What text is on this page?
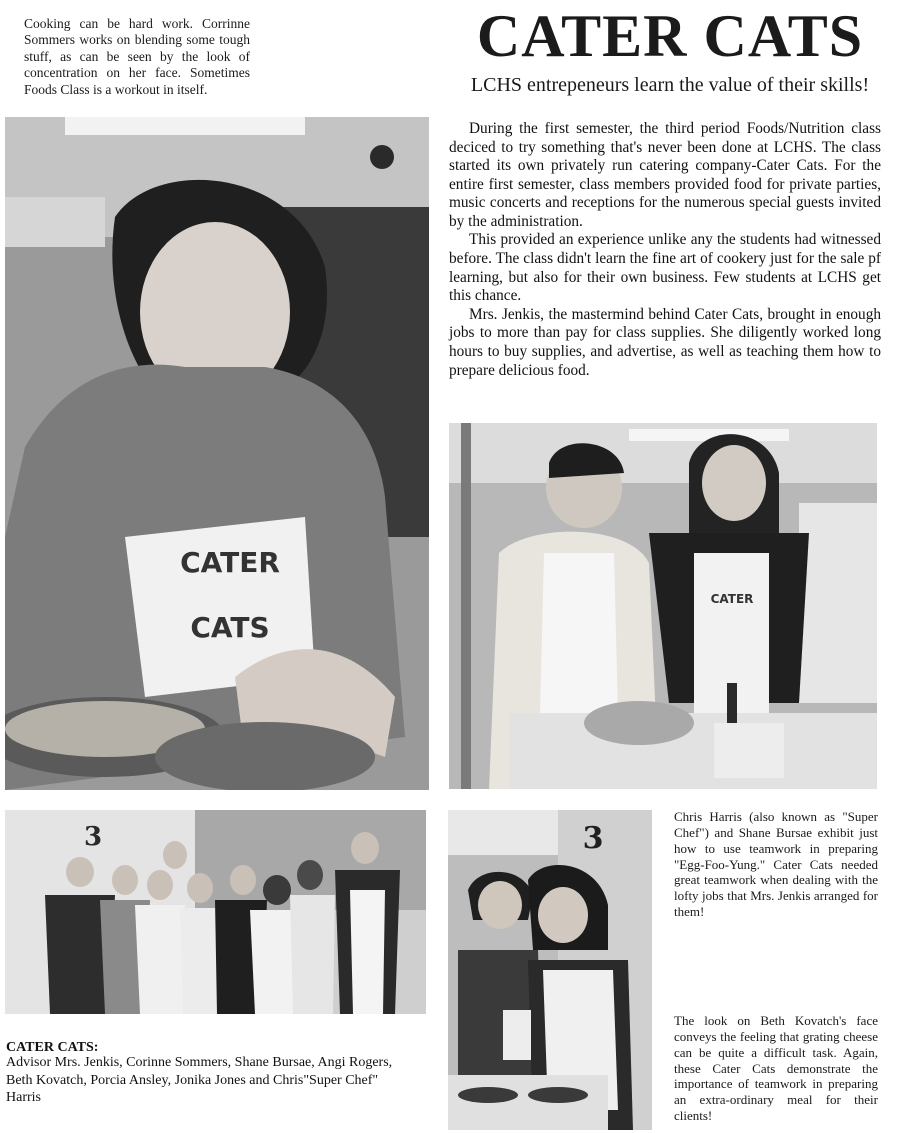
CATER CATS
LCHS entrepeneurs learn the value of their skills!
Cooking can be hard work. Corrinne Sommers works on blending some tough stuff, as can be seen by the look of concentration on her face. Sometimes Foods Class is a workout in itself.

During the first semester, the third period Foods/Nutrition class deciced to try something that's never been done at LCHS. The class started its own privately run catering company-Cater Cats. For the entire first semester, class members provided food for private parties, music concerts and receptions for the numerous special guests invited by the administration.

This provided an experience unlike any the students had witnessed before. The class didn't learn the fine art of cookery just for the sale pf learning, but also for their own business. Few students at LCHS get this chance.

Mrs. Jenkis, the mastermind behind Cater Cats, brought in enough jobs to more than pay for class supplies. She diligently worked long hours to buy supplies, and advertise, as well as teaching them how to prepare delicious food.

CATER
CATS
CATER
3	3
Chris Harris (also known as "Super Chef") and Shane Bursae exhibit just how to use teamwork in preparing "Egg-Foo-Yung." Cater Cats needed great teamwork when dealing with the lofty jobs that Mrs. Jenkis arranged for them!
The look on Beth Kovatch's face conveys the feeling that grating cheese can be quite a difficult task. Again, these Cater Cats demonstrate the importance of teamwork in preparing an extra-ordinary meal for their clients!
CATER CATS:
Advisor Mrs. Jenkis, Corinne Sommers, Shane Bursae, Angi Rogers, Beth Kovatch, Porcia Ansley, Jonika Jones and Chris"Super Chef" Harris
